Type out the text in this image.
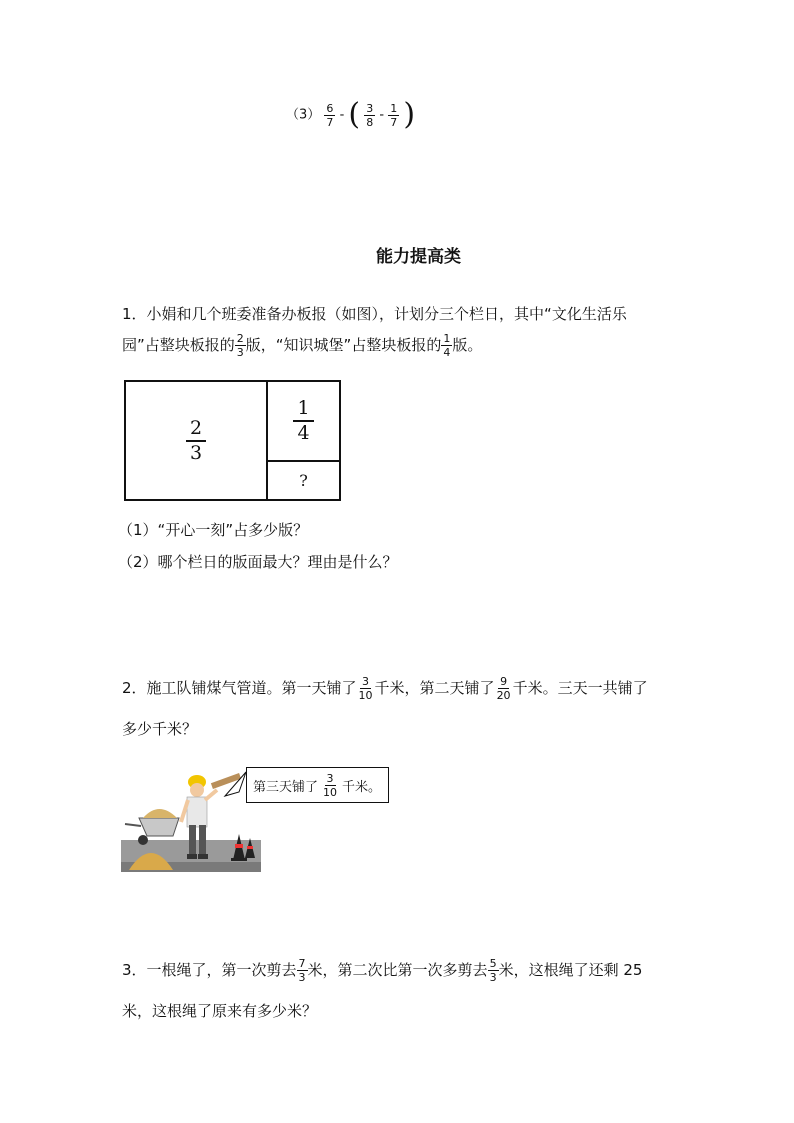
$(3) \frac{6}{7}$ - ( $\frac{3}{8} - \frac{1}{7}$ )
能力提高类
1．小娟和几个班委准备办板报（如图），计划分三个栏日，其中“文化生活乐
园”占整块板报的 $\frac{2}{3}$ 版，“知识城堡”占整块板报的 $\frac{1}{4}$ 版。
$\frac{2}{3}$	$\frac{1}{4}$
?
（1）“开心一刻”占多少版？
（2）哪个栏日的版面最大？理由是什么？
2．施工队铺煤气管道。第一天铺了 $\frac{3}{10}$ 千米，第二天铺了 $\frac{9}{20}$ 千米。三天一共铺了
多少千米？
第三天铺了 $\frac{3}{10}$ 千米。
3．一根绳了，第一次剪去 $\frac{7}{3}$ 米，第二次比第一次多剪去 $\frac{5}{3}$ 米，这根绳了还剩 25
米，这根绳了原来有多少米？
